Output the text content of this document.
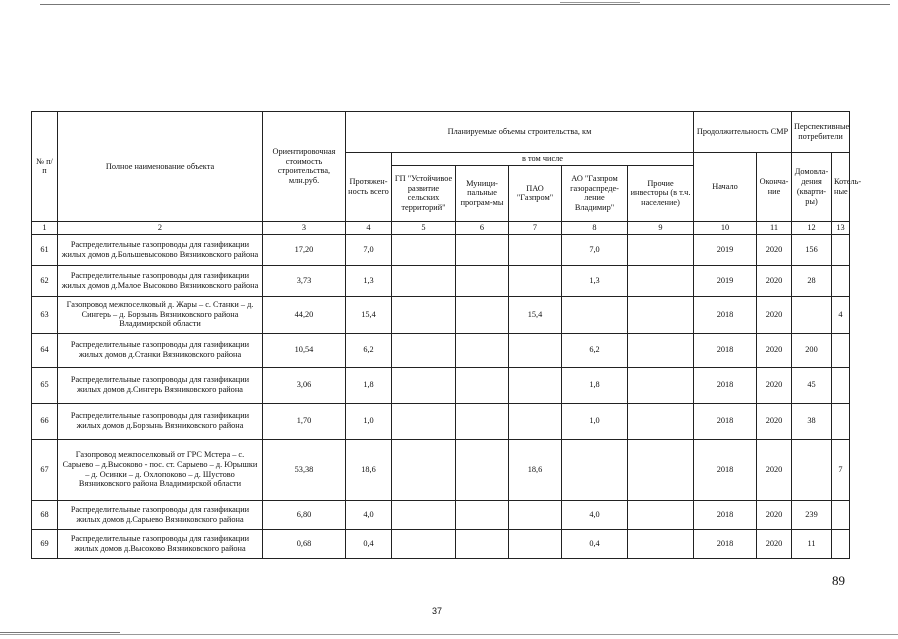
№ п/п	Полное наименование объекта	Ориентировочная стоимость строительства, млн.руб.	Планируемые объемы строительства, км						Продолжительность СМР		Перспективные потребители	
			Протяжен-ность всего	в том числе					Начало	Оконча-ние	Домовла-дения (кварти-ры)	Котель-ные
				ГП "Устойчивое развитие сельских территорий"	Муници-пальные програм-мы	ПАО "Газпром"	АО "Газпром газораспреде-ление Владимир"	Прочие инвесторы (в т.ч. население)				
1	2	3	4	5	6	7	8	9	10	11	12	13
61	Распределительные газопроводы для газификации жилых домов д.Большевысоково Вязниковского района	17,20	7,0				7,0		2019	2020	156	
62	Распределительные газопроводы для газификации жилых домов д.Малое Высоково Вязниковского района	3,73	1,3				1,3		2019	2020	28	
63	Газопровод межпоселковый д. Жары – с. Станки – д. Сингерь – д. Борзынь Вязниковского района Владимирской области	44,20	15,4			15,4			2018	2020		4
64	Распределительные газопроводы для газификации жилых домов д.Станки Вязниковского района	10,54	6,2				6,2		2018	2020	200	
65	Распределительные газопроводы для газификации жилых домов д.Сингерь Вязниковского района	3,06	1,8				1,8		2018	2020	45	
66	Распределительные газопроводы для газификации жилых домов д.Борзынь Вязниковского района	1,70	1,0				1,0		2018	2020	38	
67	Газопровод межпоселковый от ГРС Мстера – с. Сарыево – д.Высоково - пос. ст. Сарыево – д. Юрышки – д. Осинки – д. Охлопоково – д. Шустово Вязниковского района Владимирской области	53,38	18,6			18,6			2018	2020		7
68	Распределительные газопроводы для газификации жилых домов д.Сарыево Вязниковского района	6,80	4,0				4,0		2018	2020	239	
69	Распределительные газопроводы для газификации жилых домов д.Высоково Вязниковского района	0,68	0,4				0,4		2018	2020	11	
89
37
